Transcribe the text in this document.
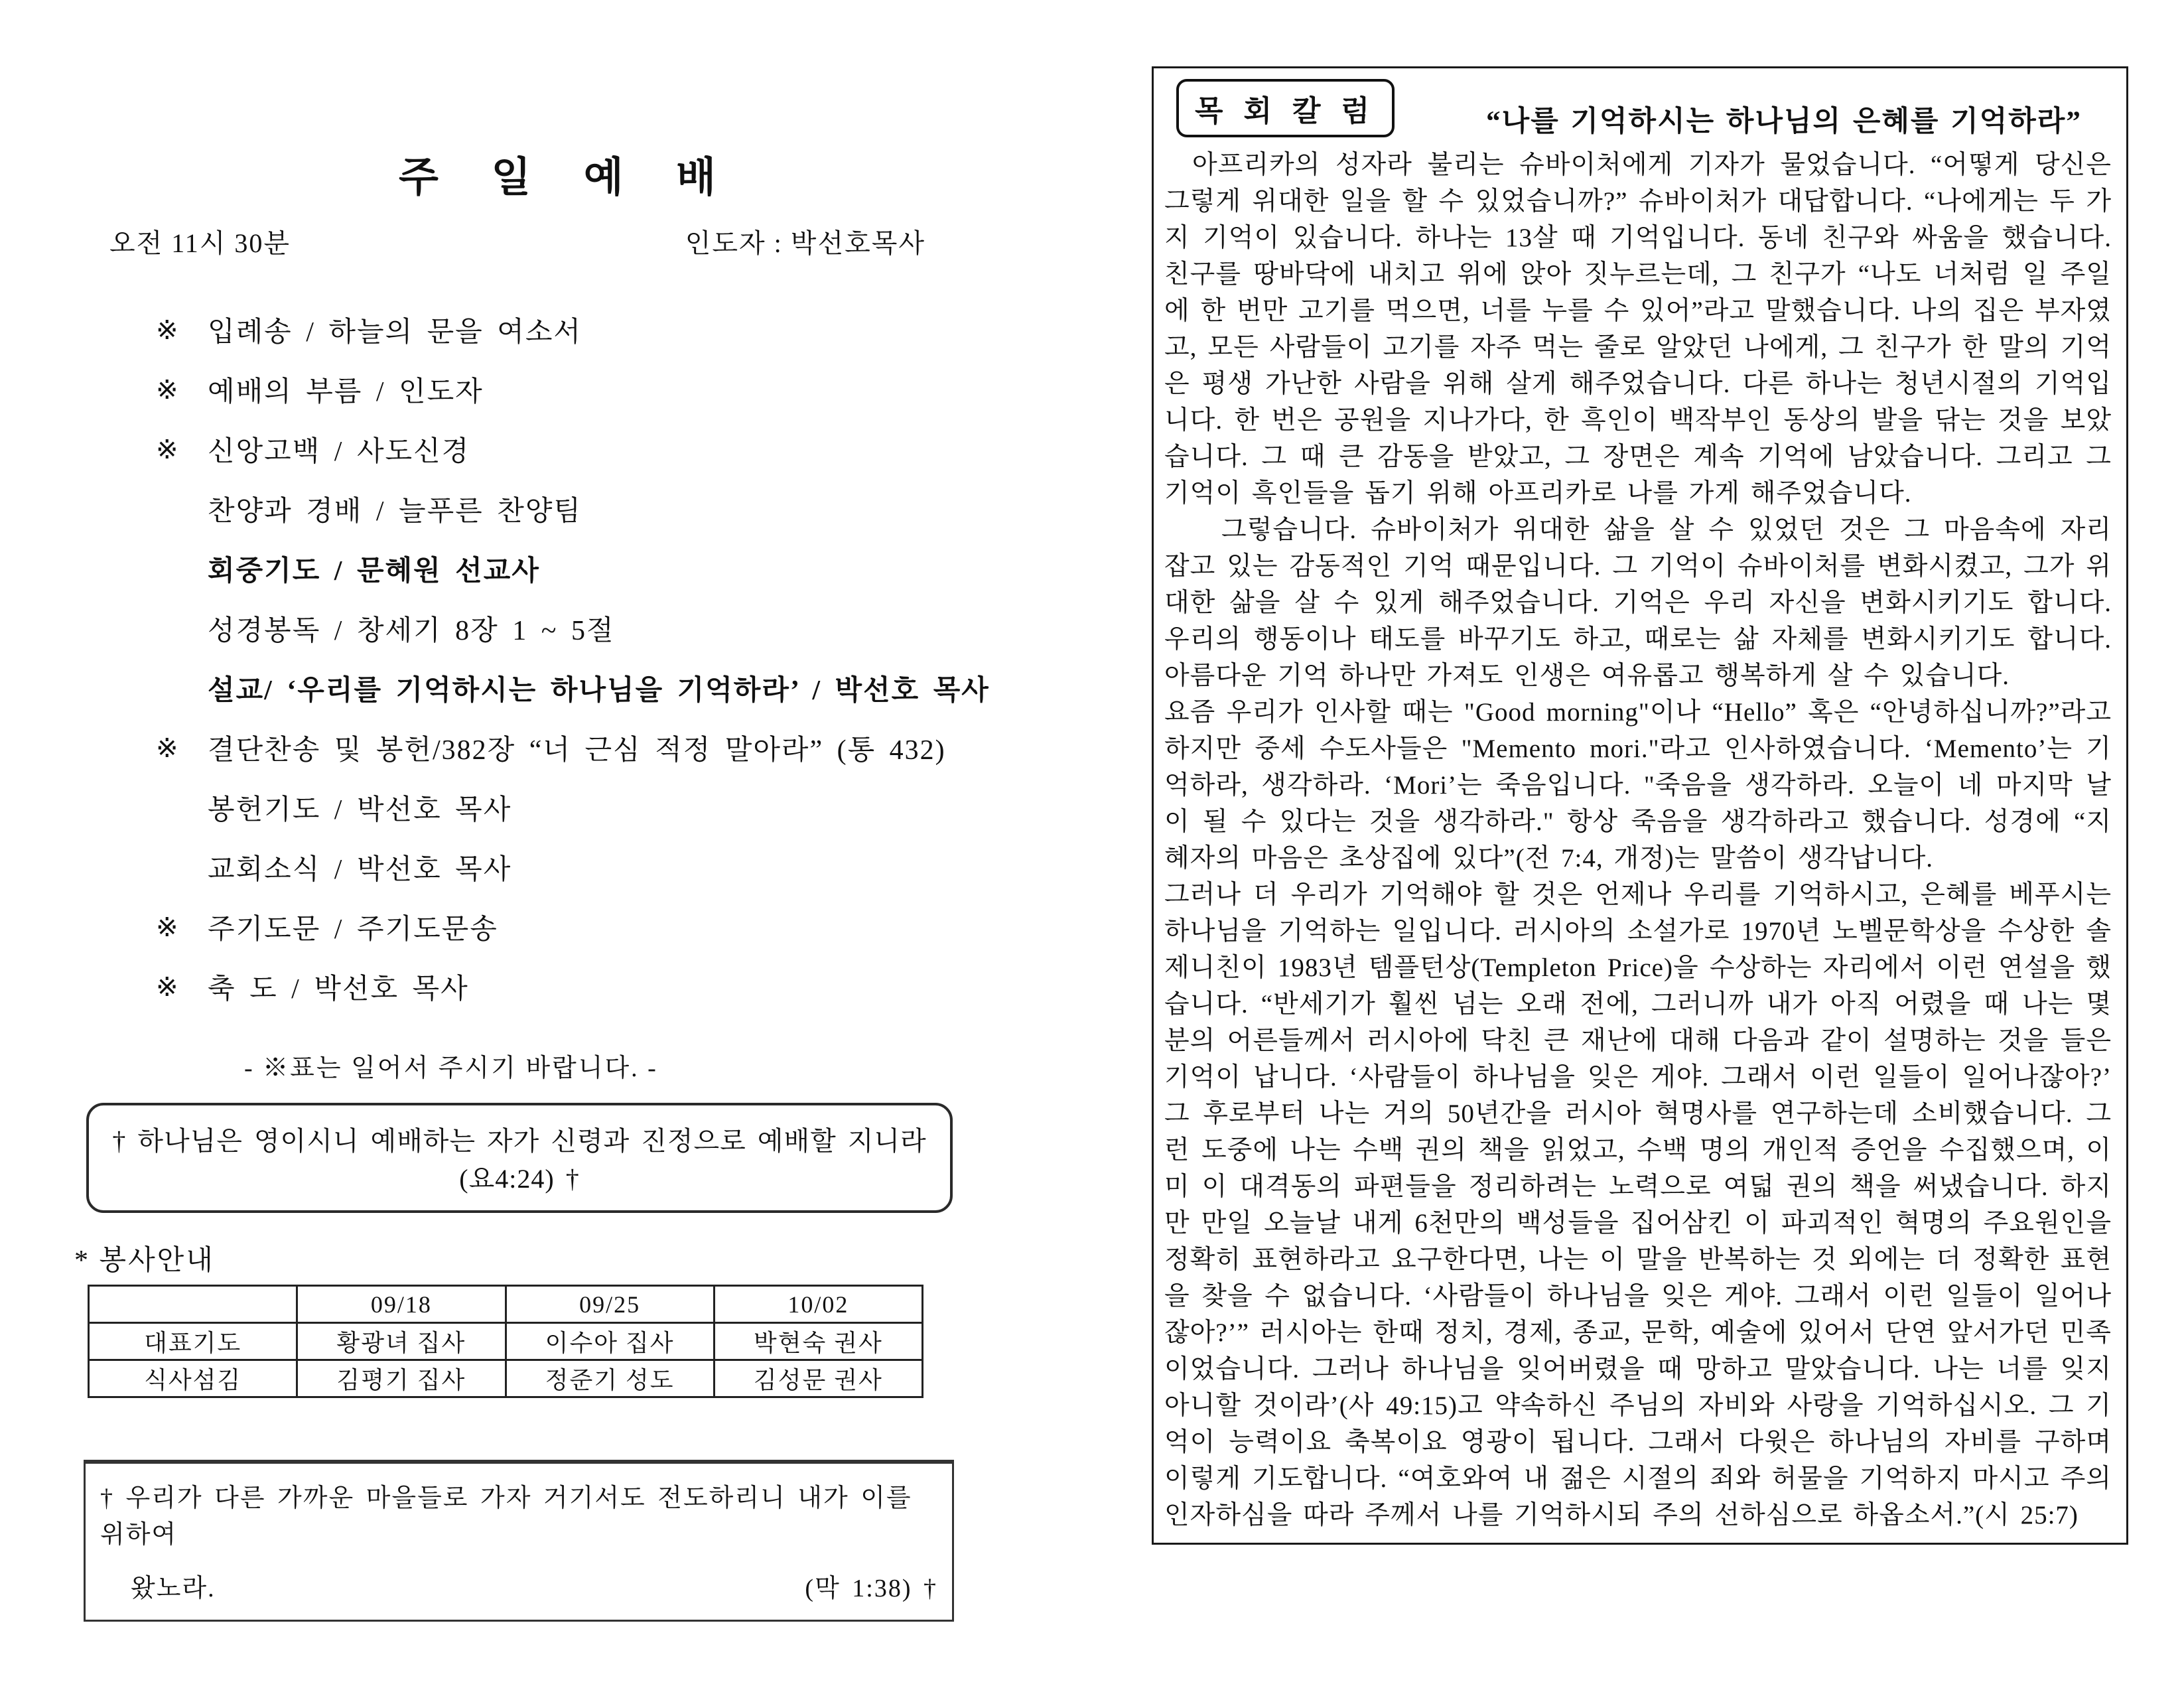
주 일 예 배
오전 11시 30분	인도자 : 박선호목사
※	입례송 / 하늘의 문을 여소서
※	예배의 부름 / 인도자
※	신앙고백 / 사도신경
찬양과 경배 / 늘푸른 찬양팀
회중기도 / 문혜원 선교사
성경봉독 / 창세기 8장 1 ~ 5절
설교/ ‘우리를 기억하시는 하나님을 기억하라’ / 박선호 목사
※	결단찬송 및 봉헌/382장 “너 근심 적정 말아라” (통 432)
봉헌기도 / 박선호 목사
교회소식 / 박선호 목사
※	주기도문 / 주기도문송
※	축 도 / 박선호 목사
- ※표는 일어서 주시기 바랍니다. -
† 하나님은 영이시니 예배하는 자가 신령과 진정으로 예배할 지니라 (요4:24) †
* 봉사안내
	09/18	09/25	10/02
대표기도	황광녀 집사	이수아 집사	박현숙 권사
식사섬김	김평기 집사	정준기 성도	김성문 권사
† 우리가 다른 가까운 마을들로 가자 거기서도 전도하리니 내가 이를 위하여
왔노라.	(막 1:38) †
목 회 칼 럼	“나를 기억하시는 하나님의 은혜를 기억하라”

아프리카의 성자라 불리는 슈바이처에게 기자가 물었습니다. “어떻게 당신은 그렇게 위대한 일을 할 수 있었습니까?” 슈바이처가 대답합니다. “나에게는 두 가지 기억이 있습니다. 하나는 13살 때 기억입니다. 동네 친구와 싸움을 했습니다. 친구를 땅바닥에 내치고 위에 앉아 짓누르는데, 그 친구가 “나도 너처럼 일 주일에 한 번만 고기를 먹으면, 너를 누를 수 있어”라고 말했습니다. 나의 집은 부자였고, 모든 사람들이 고기를 자주 먹는 줄로 알았던 나에게, 그 친구가 한 말의 기억은 평생 가난한 사람을 위해 살게 해주었습니다. 다른 하나는 청년시절의 기억입니다. 한 번은 공원을 지나가다, 한 흑인이 백작부인 동상의 발을 닦는 것을 보았습니다. 그 때 큰 감동을 받았고, 그 장면은 계속 기억에 남았습니다. 그리고 그 기억이 흑인들을 돕기 위해 아프리카로 나를 가게 해주었습니다.

그렇습니다. 슈바이처가 위대한 삶을 살 수 있었던 것은 그 마음속에 자리 잡고 있는 감동적인 기억 때문입니다. 그 기억이 슈바이처를 변화시켰고, 그가 위대한 삶을 살 수 있게 해주었습니다. 기억은 우리 자신을 변화시키기도 합니다. 우리의 행동이나 태도를 바꾸기도 하고, 때로는 삶 자체를 변화시키기도 합니다. 아름다운 기억 하나만 가져도 인생은 여유롭고 행복하게 살 수 있습니다.

요즘 우리가 인사할 때는 "Good morning"이나 “Hello” 혹은 “안녕하십니까?”라고 하지만 중세 수도사들은 "Memento mori."라고 인사하였습니다. ‘Memento’는 기억하라, 생각하라. ‘Mori’는 죽음입니다. "죽음을 생각하라. 오늘이 네 마지막 날이 될 수 있다는 것을 생각하라." 항상 죽음을 생각하라고 했습니다. 성경에 “지혜자의 마음은 초상집에 있다”(전 7:4, 개정)는 말씀이 생각납니다.

그러나 더 우리가 기억해야 할 것은 언제나 우리를 기억하시고, 은혜를 베푸시는 하나님을 기억하는 일입니다. 러시아의 소설가로 1970년 노벨문학상을 수상한 솔제니친이 1983년 템플턴상(Templeton Price)을 수상하는 자리에서 이런 연설을 했습니다. “반세기가 훨씬 넘는 오래 전에, 그러니까 내가 아직 어렸을 때 나는 몇 분의 어른들께서 러시아에 닥친 큰 재난에 대해 다음과 같이 설명하는 것을 들은 기억이 납니다. ‘사람들이 하나님을 잊은 게야. 그래서 이런 일들이 일어나잖아?’ 그 후로부터 나는 거의 50년간을 러시아 혁명사를 연구하는데 소비했습니다. 그런 도중에 나는 수백 권의 책을 읽었고, 수백 명의 개인적 증언을 수집했으며, 이미 이 대격동의 파편들을 정리하려는 노력으로 여덟 권의 책을 써냈습니다. 하지만 만일 오늘날 내게 6천만의 백성들을 집어삼킨 이 파괴적인 혁명의 주요원인을 정확히 표현하라고 요구한다면, 나는 이 말을 반복하는 것 외에는 더 정확한 표현을 찾을 수 없습니다. ‘사람들이 하나님을 잊은 게야. 그래서 이런 일들이 일어나잖아?’” 러시아는 한때 정치, 경제, 종교, 문학, 예술에 있어서 단연 앞서가던 민족이었습니다. 그러나 하나님을 잊어버렸을 때 망하고 말았습니다. 나는 너를 잊지 아니할 것이라’(사 49:15)고 약속하신 주님의 자비와 사랑을 기억하십시오. 그 기억이 능력이요 축복이요 영광이 됩니다. 그래서 다윗은 하나님의 자비를 구하며 이렇게 기도합니다. “여호와여 내 젊은 시절의 죄와 허물을 기억하지 마시고 주의 인자하심을 따라 주께서 나를 기억하시되 주의 선하심으로 하옵소서.”(시 25:7)
